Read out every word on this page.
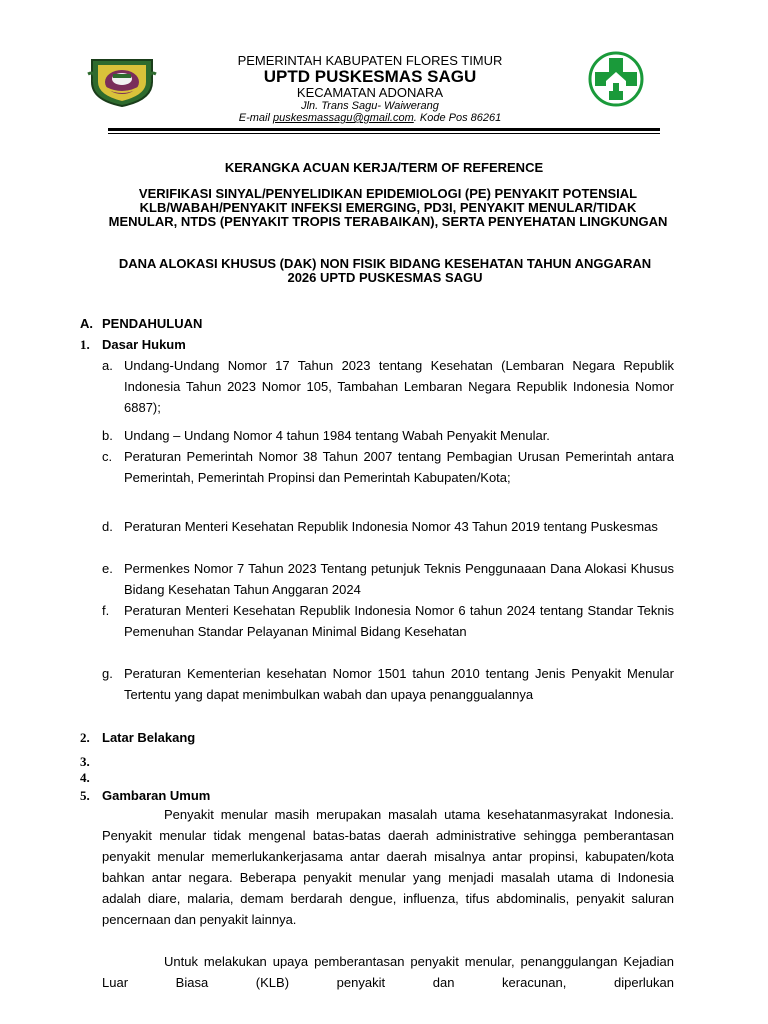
PEMERINTAH KABUPATEN FLORES TIMUR
UPTD PUSKESMAS SAGU
KECAMATAN ADONARA
Jln. Trans Sagu- Waiwerang
E-mail puskesmassagu@gmail.com. Kode Pos 86261
KERANGKA ACUAN KERJA/TERM OF REFERENCE
VERIFIKASI SINYAL/PENYELIDIKAN EPIDEMIOLOGI (PE) PENYAKIT POTENSIAL KLB/WABAH/PENYAKIT INFEKSI EMERGING, PD3I, PENYAKIT MENULAR/TIDAK MENULAR, NTDS (PENYAKIT TROPIS TERABAIKAN), SERTA PENYEHATAN LINGKUNGAN
DANA ALOKASI KHUSUS (DAK) NON FISIK BIDANG KESEHATAN TAHUN ANGGARAN 2026 UPTD PUSKESMAS SAGU
A. PENDAHULUAN
1. Dasar Hukum
a. Undang-Undang Nomor 17 Tahun 2023 tentang Kesehatan (Lembaran Negara Republik Indonesia Tahun 2023 Nomor 105, Tambahan Lembaran Negara Republik Indonesia Nomor 6887);
b. Undang – Undang Nomor 4 tahun 1984 tentang Wabah Penyakit Menular.
c. Peraturan Pemerintah Nomor 38 Tahun 2007 tentang Pembagian Urusan Pemerintah antara Pemerintah, Pemerintah Propinsi dan Pemerintah Kabupaten/Kota;
d. Peraturan Menteri Kesehatan Republik Indonesia Nomor 43 Tahun 2019 tentang Puskesmas
e. Permenkes Nomor 7 Tahun 2023 Tentang petunjuk Teknis Penggunaaan Dana Alokasi Khusus Bidang Kesehatan Tahun Anggaran 2024
f. Peraturan Menteri Kesehatan Republik Indonesia Nomor 6 tahun 2024 tentang Standar Teknis Pemenuhan Standar Pelayanan Minimal Bidang Kesehatan
g. Peraturan Kementerian kesehatan Nomor 1501 tahun 2010 tentang Jenis Penyakit Menular Tertentu yang dapat menimbulkan wabah dan upaya penanggualannya
2. Latar Belakang
3.
4.
5. Gambaran Umum
Penyakit menular masih merupakan masalah utama kesehatanmasyrakat Indonesia. Penyakit menular tidak mengenal batas-batas daerah administrative sehingga pemberantasan penyakit menular memerlukankerjasama antar daerah misalnya antar propinsi, kabupaten/kota bahkan antar negara. Beberapa penyakit menular yang menjadi masalah utama di Indonesia adalah diare, malaria, demam berdarah dengue, influenza, tifus abdominalis, penyakit saluran pencernaan dan penyakit lainnya.
Untuk melakukan upaya pemberantasan penyakit menular, penanggulangan Kejadian Luar Biasa (KLB) penyakit dan keracunan, diperlukan
